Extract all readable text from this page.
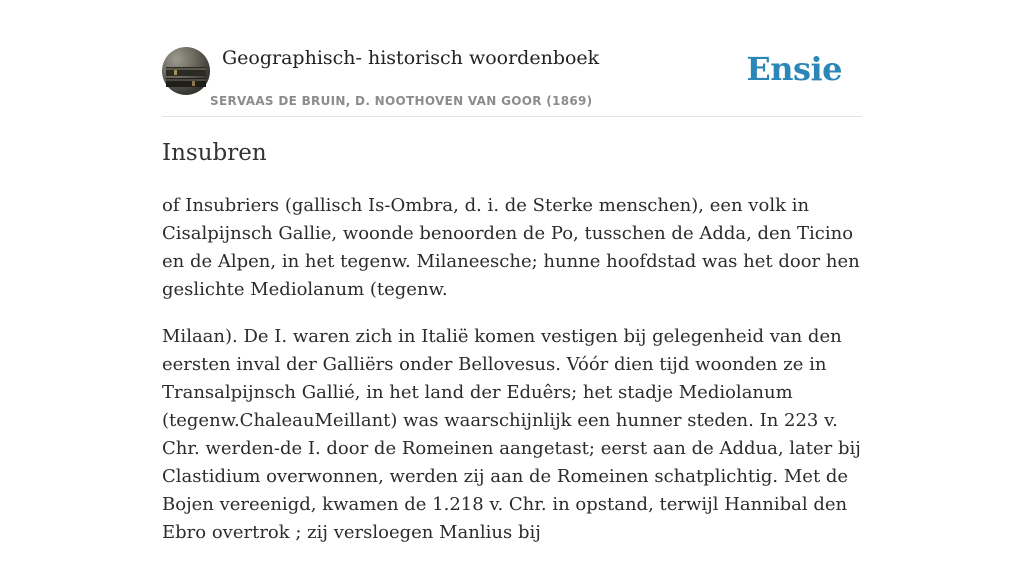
Geographisch- historisch woordenboek
SERVAAS DE BRUIN, D. NOOTHOVEN VAN GOOR (1869)
Ensie
Insubren

of Insubriers (gallisch Is-Ombra, d. i. de Sterke menschen), een volk in Cisalpijnsch Gallie, woonde benoorden de Po, tusschen de Adda, den Ticino en de Alpen, in het tegenw. Milaneesche; hunne hoofdstad was het door hen geslichte Mediolanum (tegenw.

Milaan). De I. waren zich in Italië komen vestigen bij gelegenheid van den eersten inval der Galliërs onder Bellovesus. Vóór dien tijd woonden ze in Transalpijnsch Gallié, in het land der Eduêrs; het stadje Mediolanum (tegenw.ChaleauMeillant) was waarschijnlijk een hunner steden. In 223 v. Chr. werden-de I. door de Romeinen aangetast; eerst aan de Addua, later bij Clastidium overwonnen, werden zij aan de Romeinen schatplichtig. Met de Bojen vereenigd, kwamen de 1.218 v. Chr. in opstand, terwijl Hannibal den Ebro overtrok ; zij versloegen Manlius bij
